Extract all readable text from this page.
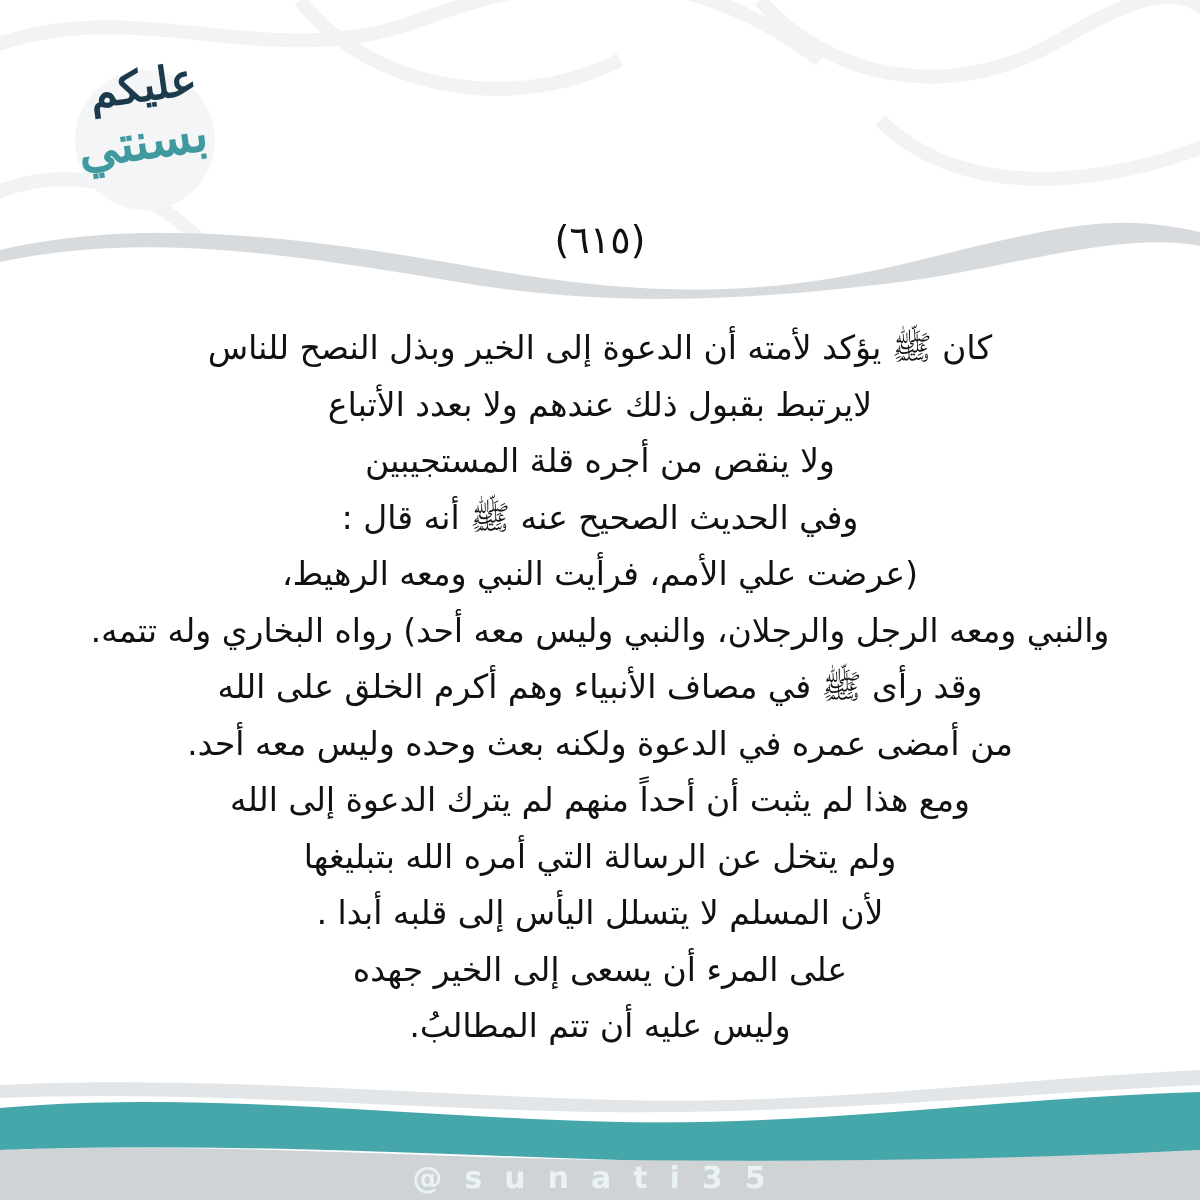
عليكم
بسنتي
(٦١٥)
كان ﷺ يؤكد لأمته أن الدعوة إلى الخير وبذل النصح للناس
لايرتبط بقبول ذلك عندهم ولا بعدد الأتباع
ولا ينقص من أجره قلة المستجيبين
وفي الحديث الصحيح عنه ﷺ أنه قال :
(عرضت علي الأمم، فرأيت النبي ومعه الرهيط،
والنبي ومعه الرجل والرجلان، والنبي وليس معه أحد) رواه البخاري وله تتمه.
وقد رأى ﷺ في مصاف الأنبياء وهم أكرم الخلق على الله
من أمضى عمره في الدعوة ولكنه بعث وحده وليس معه أحد.
ومع هذا لم يثبت أن أحداً منهم لم يترك الدعوة إلى الله
ولم يتخل عن الرسالة التي أمره الله بتبليغها
لأن المسلم لا يتسلل اليأس إلى قلبه أبدا .
على المرء أن يسعى إلى الخير جهده
وليس عليه أن تتم المطالبُ.
@sunati35
